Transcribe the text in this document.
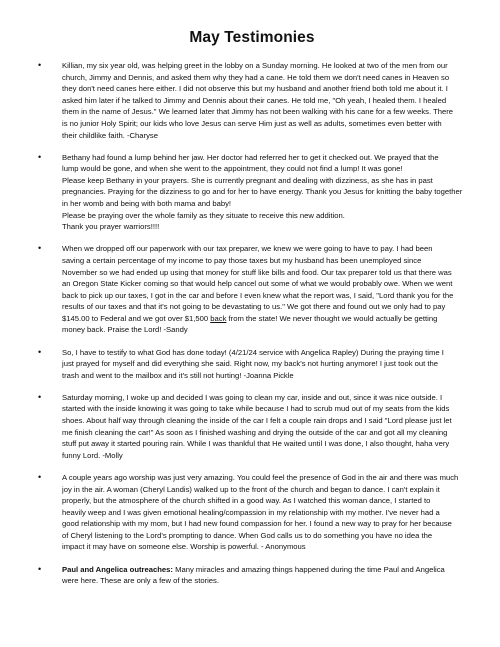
May Testimonies
•	Killian, my six year old, was helping greet in the lobby on a Sunday morning. He looked at two of the men from our
church, Jimmy and Dennis, and asked them why they had a cane. He told them we don't need canes in Heaven so
they don't need canes here either. I did not observe this but my husband and another friend both told me about it. I
asked him later if he talked to Jimmy and Dennis about their canes. He told me, "Oh yeah, I healed them. I healed
them in the name of Jesus." We learned later that Jimmy has not been walking with his cane for a few weeks. There
is no junior Holy Spirit; our kids who love Jesus can serve Him just as well as adults, sometimes even better with
their childlike faith. -Charyse
•	Bethany had found a lump behind her jaw. Her doctor had referred her to get it checked out. We prayed that the
lump would be gone, and when she went to the appointment, they could not find a lump! It was gone!
Please keep Bethany in your prayers. She is currently pregnant and dealing with dizziness, as she has in past
pregnancies. Praying for the dizziness to go and for her to have energy. Thank you Jesus for knitting the baby together
in her womb and being with both mama and baby!
Please be praying over the whole family as they situate to receive this new addition.
Thank you prayer warriors!!!!
•	When we dropped off our paperwork with our tax preparer, we knew we were going to have to pay. I had been
saving a certain percentage of my income to pay those taxes but my husband has been unemployed since
November so we had ended up using that money for stuff like bills and food. Our tax preparer told us that there was
an Oregon State Kicker coming so that would help cancel out some of what we would probably owe. When we went
back to pick up our taxes, I got in the car and before I even knew what the report was, I said, "Lord thank you for the
results of our taxes and that it's not going to be devastating to us." We got there and found out we only had to pay
$145.00 to Federal and we got over $1,500 back from the state! We never thought we would actually be getting
money back. Praise the Lord! -Sandy
•	So, I have to testify to what God has done today! (4/21/24 service with Angelica Rapley) During the praying time I
just prayed for myself and did everything she said. Right now, my back's not hurting anymore! I just took out the
trash and went to the mailbox and it's still not hurting! -Joanna Pickle
•	Saturday morning, I woke up and decided I was going to clean my car, inside and out, since it was nice outside. I
started with the inside knowing it was going to take while because I had to scrub mud out of my seats from the kids
shoes. About half way through cleaning the inside of the car I felt a couple rain drops and I said "Lord please just let
me finish cleaning the car!" As soon as I finished washing and drying the outside of the car and got all my cleaning
stuff put away it started pouring rain. While I was thankful that He waited until I was done, I also thought, haha very
funny Lord. -Molly
•	A couple years ago worship was just very amazing. You could feel the presence of God in the air and there was much
joy in the air. A woman (Cheryl Landis) walked up to the front of the church and began to dance. I can't explain it
properly, but the atmosphere of the church shifted in a good way. As I watched this woman dance, I started to
heavily weep and I was given emotional healing/compassion in my relationship with my mother. I've never had a
good relationship with my mom, but I had new found compassion for her. I found a new way to pray for her because
of Cheryl listening to the Lord's prompting to dance. When God calls us to do something you have no idea the
impact it may have on someone else. Worship is powerful. - Anonymous
•	Paul and Angelica outreaches: Many miracles and amazing things happened during the time Paul and Angelica
were here. These are only a few of the stories.
